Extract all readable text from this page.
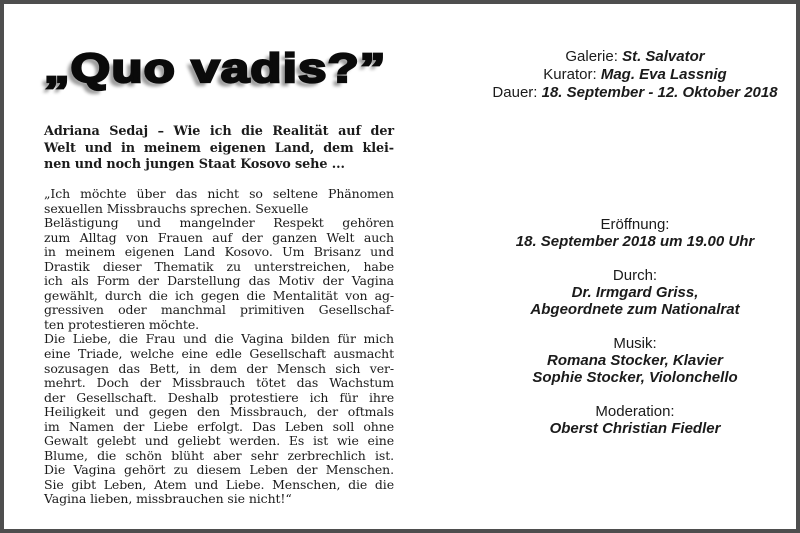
„Quo vadis?”
Adriana Sedaj – Wie ich die Realität auf der
Welt und in meinem eigenen Land, dem klei-
nen und noch jungen Staat Kosovo sehe ...
„Ich möchte über das nicht so seltene Phänomen
sexuellen Missbrauchs sprechen. Sexuelle
Belästigung und mangelnder Respekt gehören
zum Alltag von Frauen auf der ganzen Welt auch
in meinem eigenen Land Kosovo. Um Brisanz und
Drastik dieser Thematik zu unterstreichen, habe
ich als Form der Darstellung das Motiv der Vagina
gewählt, durch die ich gegen die Mentalität von ag-
gressiven oder manchmal primitiven Gesellschaf-
ten protestieren möchte.
Die Liebe, die Frau und die Vagina bilden für mich
eine Triade, welche eine edle Gesellschaft ausmacht
sozusagen das Bett, in dem der Mensch sich ver-
mehrt. Doch der Missbrauch tötet das Wachstum
der Gesellschaft. Deshalb protestiere ich für ihre
Heiligkeit und gegen den Missbrauch, der oftmals
im Namen der Liebe erfolgt. Das Leben soll ohne
Gewalt gelebt und geliebt werden. Es ist wie eine
Blume, die schön blüht aber sehr zerbrechlich ist.
Die Vagina gehört zu diesem Leben der Menschen.
Sie gibt Leben, Atem und Liebe. Menschen, die die
Vagina lieben, missbrauchen sie nicht!“
Galerie: St. Salvator
Kurator: Mag. Eva Lassnig
Dauer: 18. September - 12. Oktober 2018
Eröffnung:
18. September 2018 um 19.00 Uhr
Durch:
Dr. Irmgard Griss,
Abgeordnete zum Nationalrat
Musik:
Romana Stocker, Klavier
Sophie Stocker, Violonchello
Moderation:
Oberst Christian Fiedler
